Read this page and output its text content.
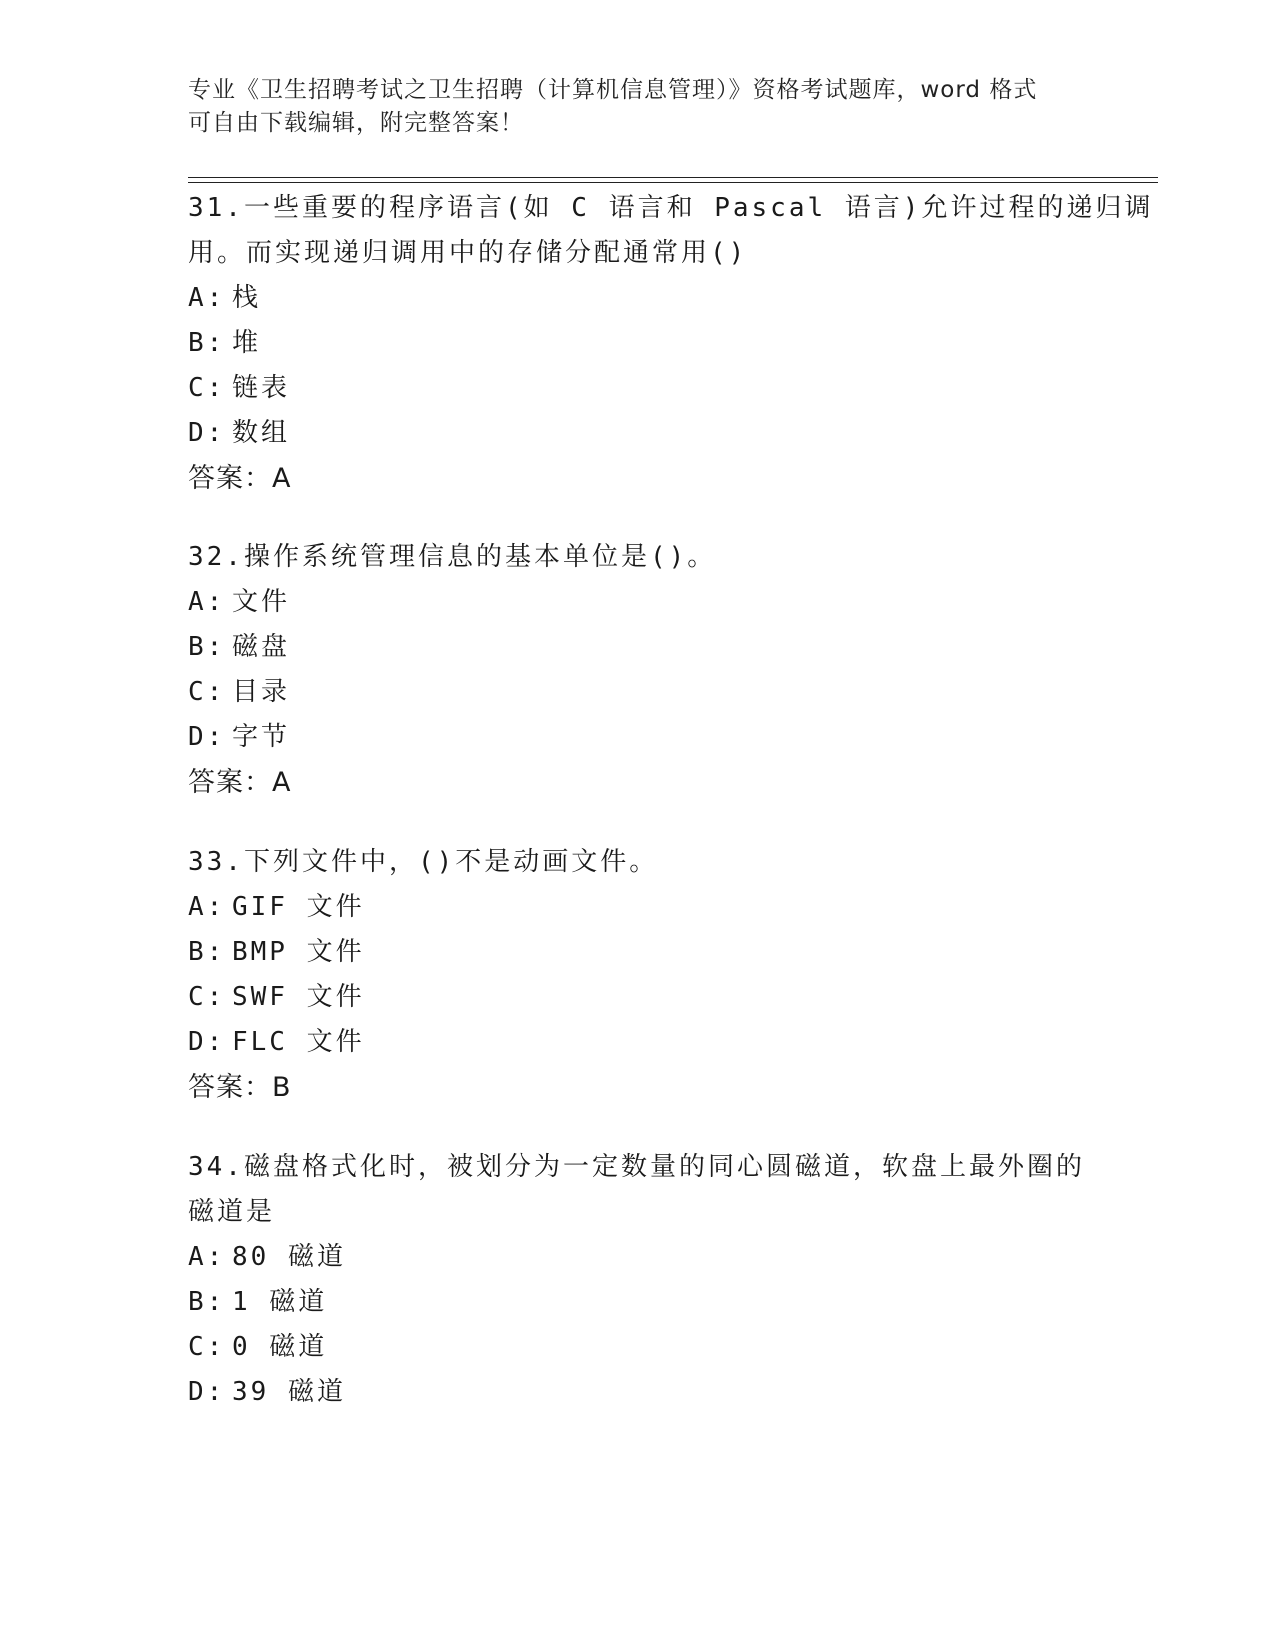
专业《卫生招聘考试之卫生招聘（计算机信息管理）》资格考试题库，word 格式
可自由下载编辑，附完整答案！
31.一些重要的程序语言(如 C 语言和 Pascal 语言)允许过程的递归调
用。而实现递归调用中的存储分配通常用()
A: 栈
B: 堆
C: 链表
D: 数组
答案：A
32.操作系统管理信息的基本单位是()。
A: 文件
B: 磁盘
C: 目录
D: 字节
答案：A
33.下列文件中，()不是动画文件。
A: GIF 文件
B: BMP 文件
C: SWF 文件
D: FLC 文件
答案：B
34.磁盘格式化时，被划分为一定数量的同心圆磁道，软盘上最外圈的
磁道是
A: 80 磁道
B: 1 磁道
C: 0 磁道
D: 39 磁道
